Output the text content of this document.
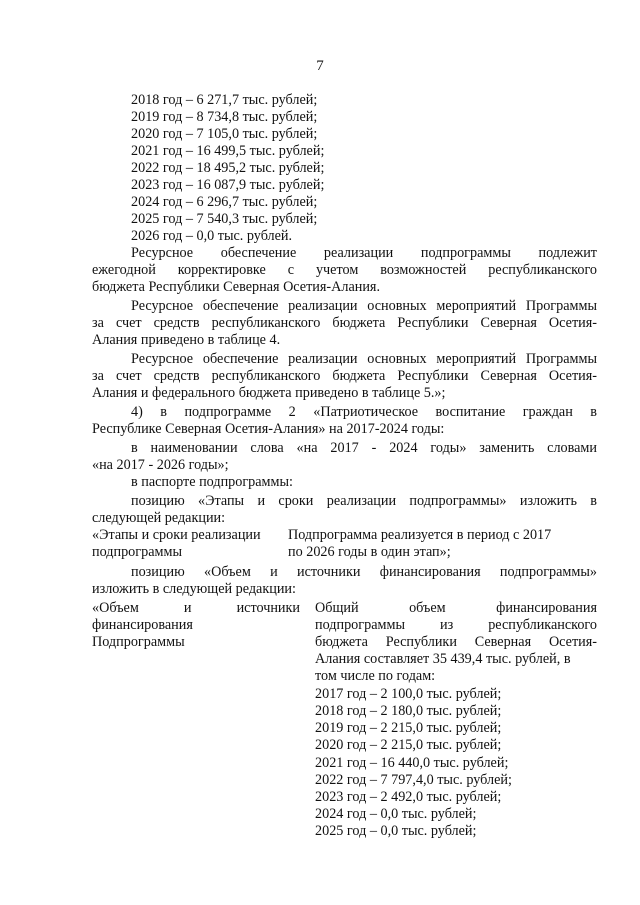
7
2018 год – 6 271,7 тыс. рублей;
2019 год – 8 734,8 тыс. рублей;
2020 год – 7 105,0 тыс. рублей;
2021 год – 16 499,5 тыс. рублей;
2022 год – 18 495,2 тыс. рублей;
2023 год – 16 087,9 тыс. рублей;
2024 год – 6 296,7 тыс. рублей;
2025 год – 7 540,3 тыс. рублей;
2026 год – 0,0 тыс. рублей.
Ресурсное обеспечение реализации подпрограммы подлежит
ежегодной корректировке с учетом возможностей республиканского
бюджета Республики Северная Осетия-Алания.
Ресурсное обеспечение реализации основных мероприятий Программы
за счет средств республиканского бюджета Республики Северная Осетия-
Алания приведено в таблице 4.
Ресурсное обеспечение реализации основных мероприятий Программы
за счет средств республиканского бюджета Республики Северная Осетия-
Алания и федерального бюджета приведено в таблице 5.»;
4) в подпрограмме 2 «Патриотическое воспитание граждан в
Республике Северная Осетия-Алания» на 2017-2024 годы:
в наименовании слова «на 2017 - 2024 годы» заменить словами
«на 2017 - 2026 годы»;
в паспорте подпрограммы:
позицию «Этапы и сроки реализации подпрограммы» изложить в
следующей редакции:
«Этапы и сроки реализации
подпрограммы
Подпрограмма реализуется в период с 2017
по 2026 годы в один этап»;
позицию «Объем и источники финансирования подпрограммы»
изложить в следующей редакции:
«Объем и источники
финансирования
Подпрограммы
Общий объем финансирования
подпрограммы из республиканского
бюджета Республики Северная Осетия-
Алания составляет 35 439,4 тыс. рублей, в
том числе по годам:
2017 год – 2 100,0 тыс. рублей;
2018 год – 2 180,0 тыс. рублей;
2019 год – 2 215,0 тыс. рублей;
2020 год – 2 215,0 тыс. рублей;
2021 год – 16 440,0 тыс. рублей;
2022 год – 7 797,4,0 тыс. рублей;
2023 год – 2 492,0 тыс. рублей;
2024 год – 0,0 тыс. рублей;
2025 год – 0,0 тыс. рублей;
